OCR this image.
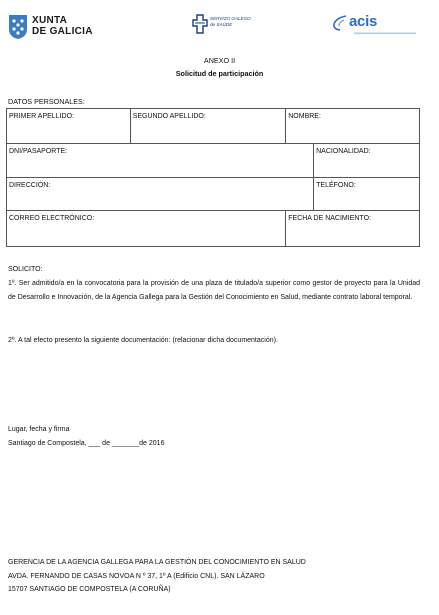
XUNTA
DE GALICIA
SERVIZO GALEGO de SAÚDE	acis
ANEXO II
Solicitud de participación
DATOS PERSONALES:
PRIMER APELLIDO:	SEGUNDO APELLIDO:	NOMBRE:	
DNI/PASAPORTE:			NACIONALIDAD:
DIRECCIÓN:			TELÉFONO:
CORREO ELECTRÓNICO:		FECHA DE NACIMIENTO:	
SOLICITO:
1º. Ser admitido/a en la convocatoria para la provisión de una plaza de titulado/a superior como gestor de proyecto para la Unidad de Desarrollo e Innovación, de la Agencia Gallega para la Gestión del Conocimiento en Salud, mediante contrato laboral temporal.
2º. A tal efecto presento la siguiente documentación: (relacionar dicha documentación).
Lugar, fecha y firma
Santiago de Compostela, ___ de _______de 2016
GERENCIA DE LA AGENCIA GALLEGA PARA LA GESTIÓN DEL CONOCIMIENTO EN SALUD
AVDA. FERNANDO DE CASAS NOVOA N º 37, 1º A (Edificio CNL). SAN LÁZARO
15707 SANTIAGO DE COMPOSTELA (A CORUÑA)
